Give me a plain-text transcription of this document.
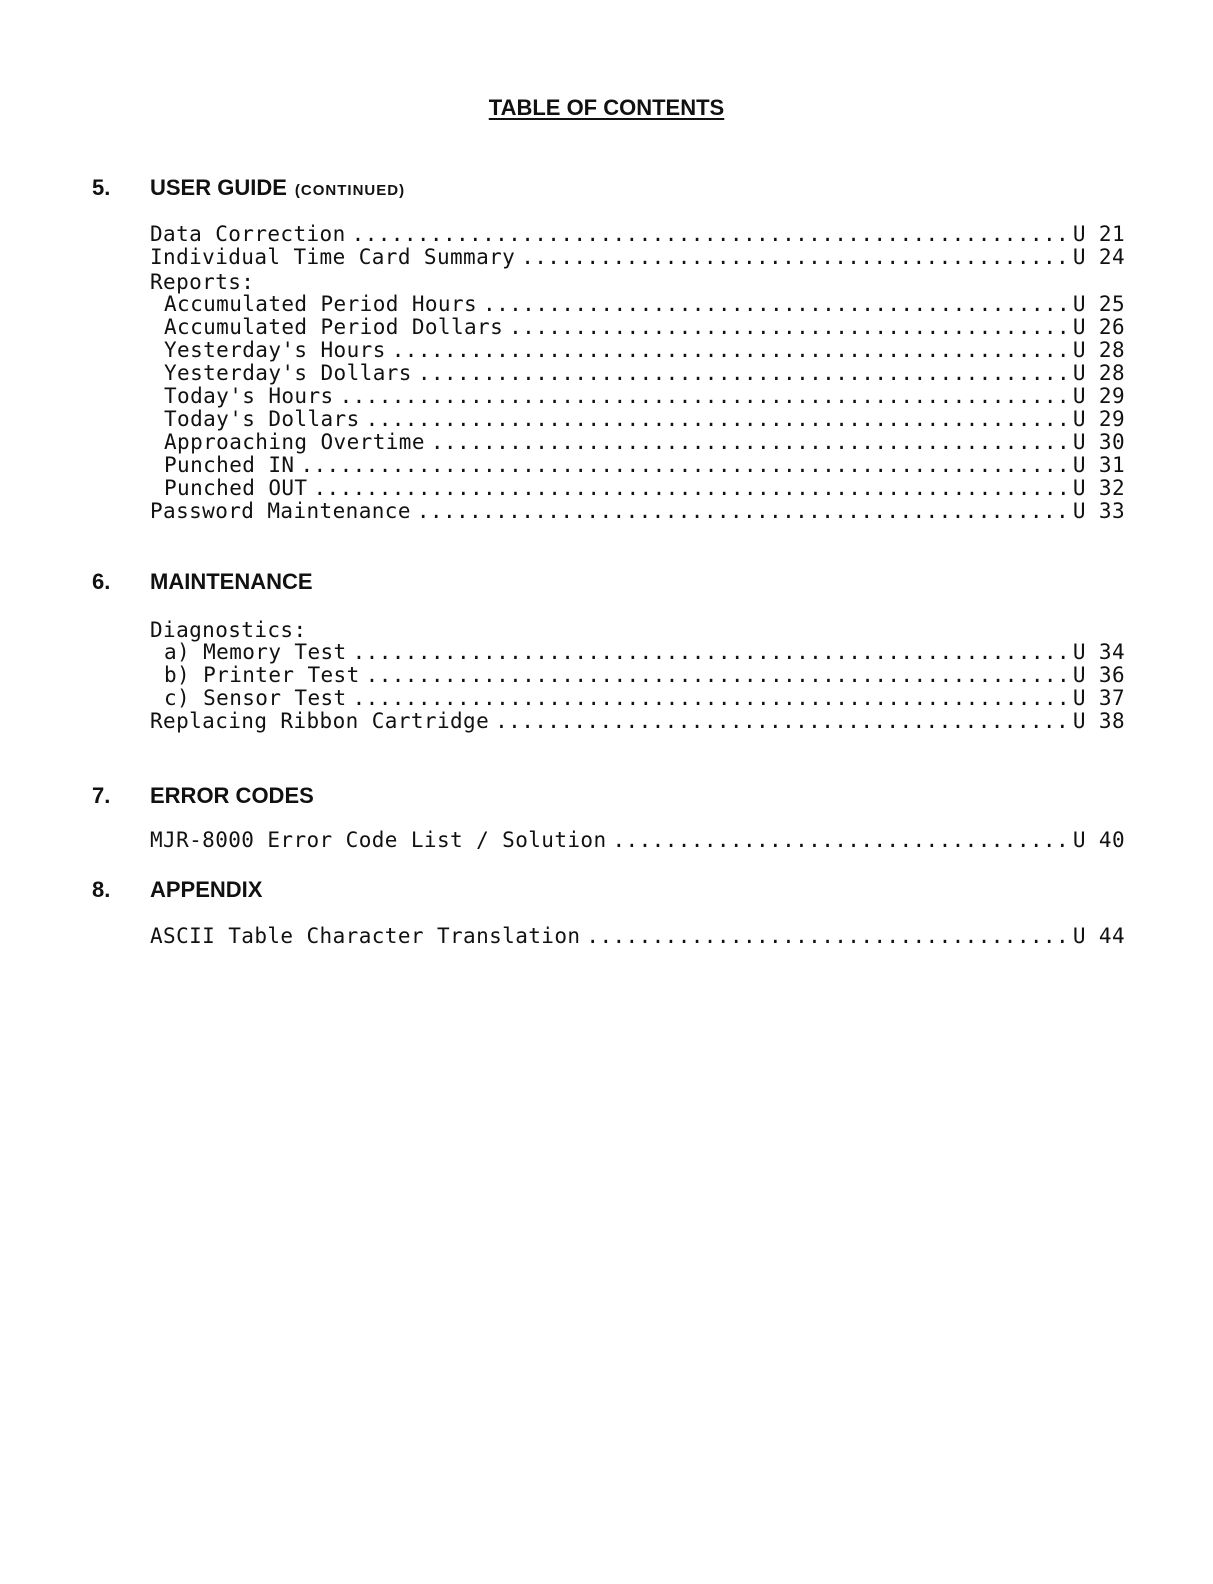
TABLE OF CONTENTS
5. USER GUIDE (CONTINUED)
Data Correction .....	U 21
Individual Time Card Summary .....	U 24
Reports:
Accumulated Period Hours .....	U 25
Accumulated Period Dollars .....	U 26
Yesterday's Hours .....	U 28
Yesterday's Dollars .....	U 28
Today's Hours .....	U 29
Today's Dollars .....	U 29
Approaching Overtime .....	U 30
Punched IN .....	U 31
Punched OUT .....	U 32
Password Maintenance .....	U 33
6. MAINTENANCE
Diagnostics:
a) Memory Test .....	U 34
b) Printer Test .....	U 36
c) Sensor Test .....	U 37
Replacing Ribbon Cartridge .....	U 38
7. ERROR CODES
MJR-8000 Error Code List / Solution .....	U 40
8. APPENDIX
ASCII Table Character Translation .....	U 44
